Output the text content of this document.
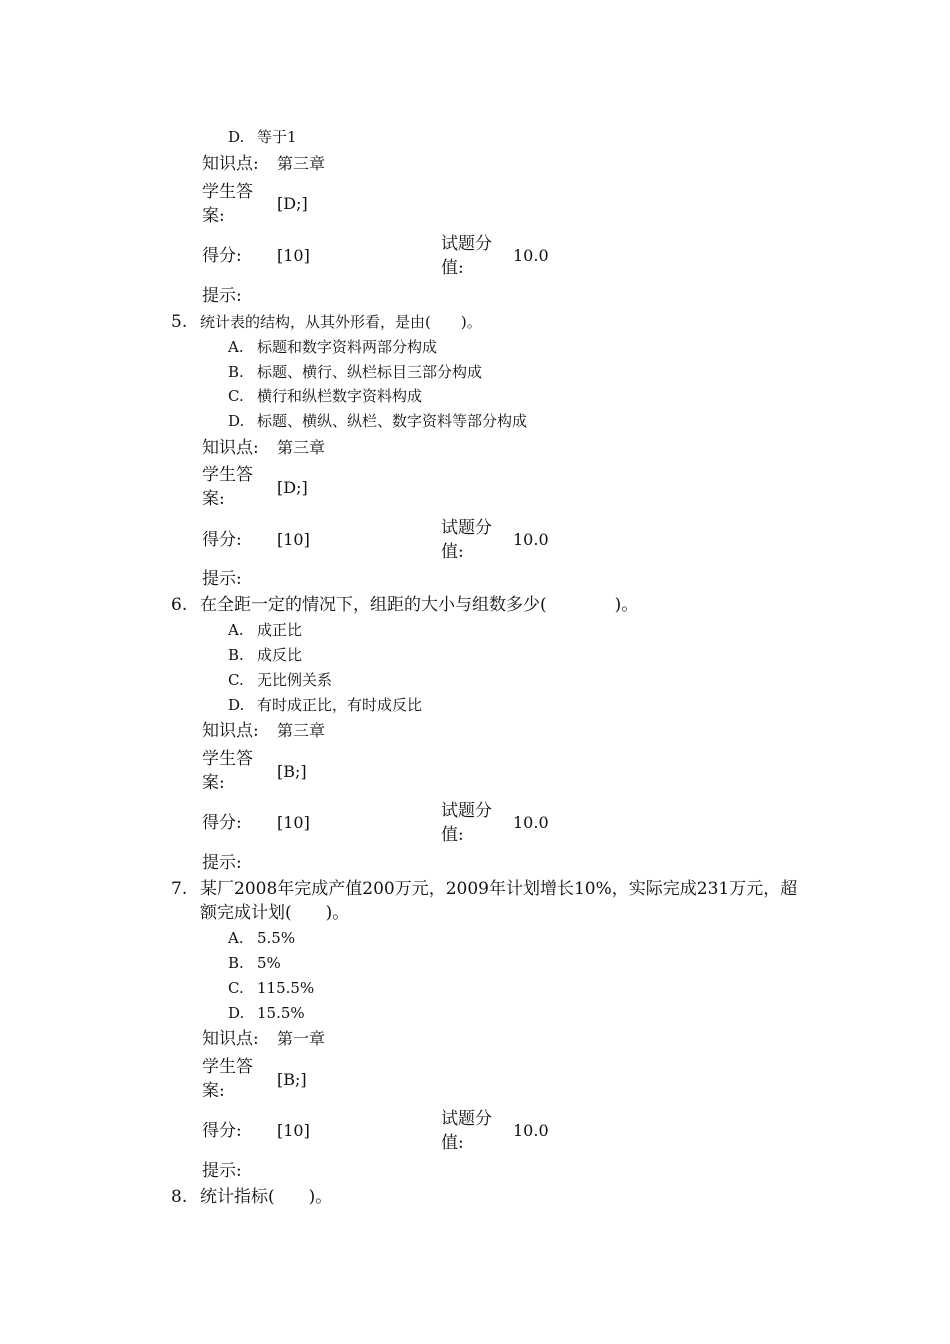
D. 等于1
知识点: 第三章
学生答案:
[D;]
得分: [10]
试题分值:
10.0
提示:
5. 统计表的结构，从其外形看，是由(　　)。
A. 标题和数字资料两部分构成
B. 标题、横行、纵栏标目三部分构成
C. 横行和纵栏数字资料构成
D. 标题、横纵、纵栏、数字资料等部分构成
知识点: 第三章
学生答案:
[D;]
得分: [10]
试题分值:
10.0
提示:
6. 在全距一定的情况下，组距的大小与组数多少(　　　　)。
A. 成正比
B. 成反比
C. 无比例关系
D. 有时成正比，有时成反比
知识点: 第三章
学生答案:
[B;]
得分: [10]
试题分值:
10.0
提示:
7. 某厂2008年完成产值200万元，2009年计划增长10%，实际完成231万元，超额完成计划(　　)。
A. 5.5%
B. 5%
C. 115.5%
D. 15.5%
知识点: 第一章
学生答案:
[B;]
得分: [10]
试题分值:
10.0
提示:
8. 统计指标(　　)。
